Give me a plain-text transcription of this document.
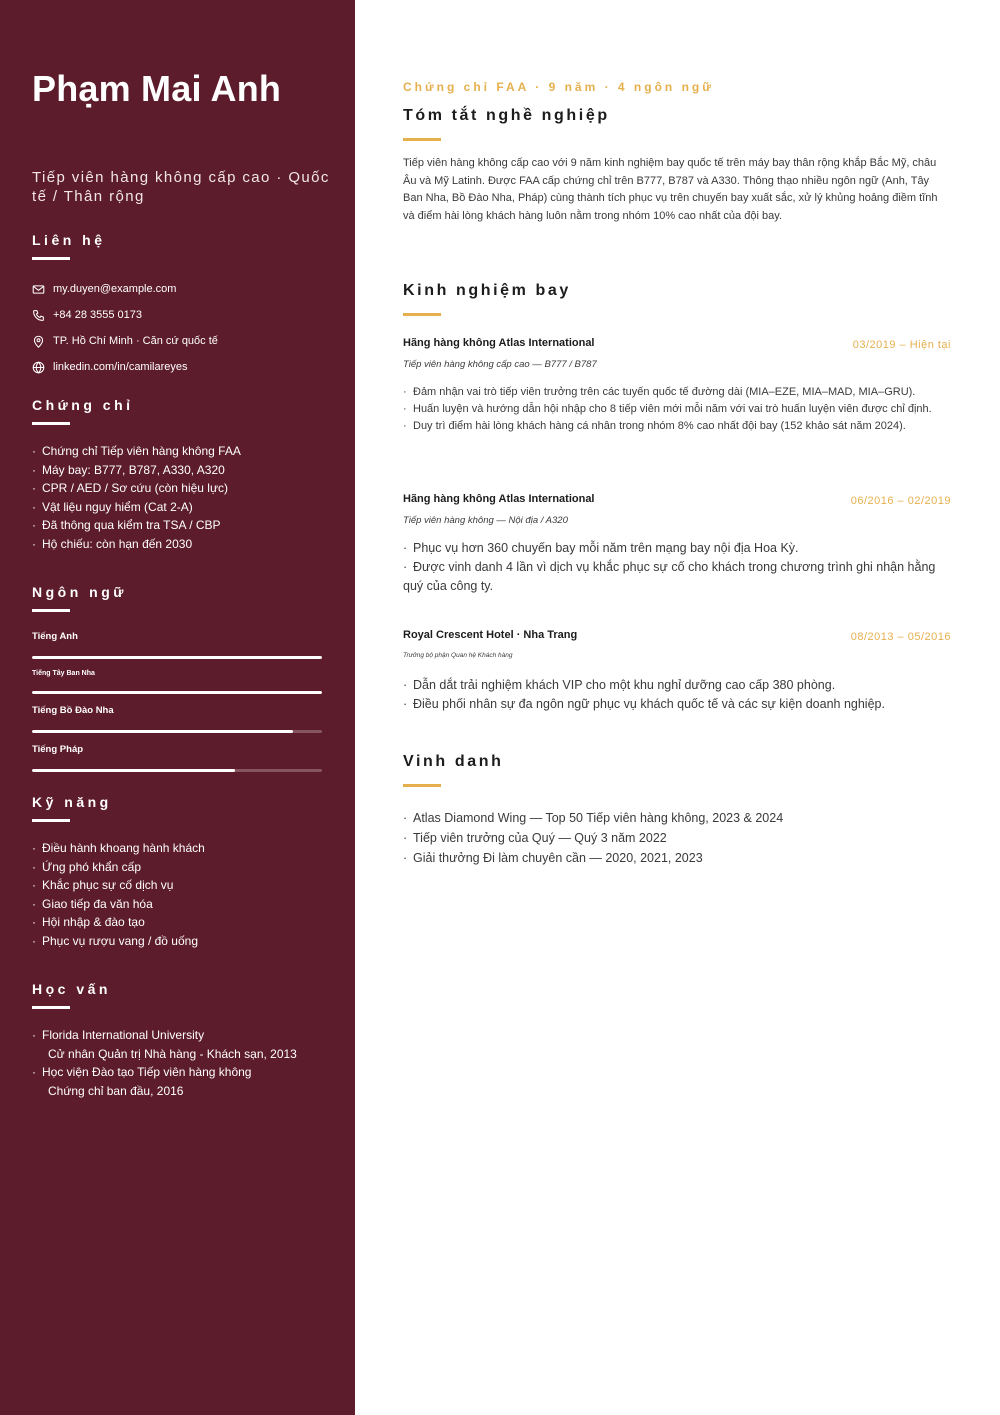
Phạm Mai Anh

Tiếp viên hàng không cấp cao · Quốc tế / Thân rộng

Liên hệ
my.duyen@example.com
+84 28 3555 0173
TP. Hồ Chí Minh · Căn cứ quốc tế
linkedin.com/in/camilareyes
Chứng chỉ
· Chứng chỉ Tiếp viên hàng không FAA
· Máy bay: B777, B787, A330, A320
· CPR / AED / Sơ cứu (còn hiệu lực)
· Vật liệu nguy hiểm (Cat 2-A)
· Đã thông qua kiểm tra TSA / CBP
· Hộ chiếu: còn hạn đến 2030
Ngôn ngữ
Tiếng Anh
Tiếng Tây Ban Nha
Tiếng Bồ Đào Nha
Tiếng Pháp
Kỹ năng
· Điều hành khoang hành khách
· Ứng phó khẩn cấp
· Khắc phục sự cố dịch vụ
· Giao tiếp đa văn hóa
· Hội nhập & đào tạo
· Phục vụ rượu vang / đồ uống
Học vấn
· Florida International University
Cử nhân Quản trị Nhà hàng - Khách sạn, 2013
· Học viện Đào tạo Tiếp viên hàng không
Chứng chỉ ban đầu, 2016

Chứng chỉ FAA · 9 năm · 4 ngôn ngữ

Tóm tắt nghề nghiệp

Tiếp viên hàng không cấp cao với 9 năm kinh nghiệm bay quốc tế trên máy bay thân rộng khắp Bắc Mỹ, châu Âu và Mỹ Latinh. Được FAA cấp chứng chỉ trên B777, B787 và A330. Thông thạo nhiều ngôn ngữ (Anh, Tây Ban Nha, Bồ Đào Nha, Pháp) cùng thành tích phục vụ trên chuyến bay xuất sắc, xử lý khủng hoảng điềm tĩnh và điểm hài lòng khách hàng luôn nằm trong nhóm 10% cao nhất của đội bay.

Kinh nghiệm bay

Hãng hàng không Atlas International	03/2019 – Hiện tại

Tiếp viên hàng không cấp cao — B777 / B787

· Đảm nhận vai trò tiếp viên trưởng trên các tuyến quốc tế đường dài (MIA–EZE, MIA–MAD, MIA–GRU).
· Huấn luyện và hướng dẫn hội nhập cho 8 tiếp viên mới mỗi năm với vai trò huấn luyện viên được chỉ định.
· Duy trì điểm hài lòng khách hàng cá nhân trong nhóm 8% cao nhất đội bay (152 khảo sát năm 2024).

Hãng hàng không Atlas International	06/2016 – 02/2019

Tiếp viên hàng không — Nội địa / A320

· Phục vụ hơn 360 chuyến bay mỗi năm trên mạng bay nội địa Hoa Kỳ.
· Được vinh danh 4 lần vì dịch vụ khắc phục sự cố cho khách trong chương trình ghi nhận hằng quý của công ty.

Royal Crescent Hotel · Nha Trang	08/2013 – 05/2016

Trưởng bộ phận Quan hệ Khách hàng

· Dẫn dắt trải nghiệm khách VIP cho một khu nghỉ dưỡng cao cấp 380 phòng.
· Điều phối nhân sự đa ngôn ngữ phục vụ khách quốc tế và các sự kiện doanh nghiệp.
Vinh danh
· Atlas Diamond Wing — Top 50 Tiếp viên hàng không, 2023 & 2024
· Tiếp viên trưởng của Quý — Quý 3 năm 2022
· Giải thưởng Đi làm chuyên cần — 2020, 2021, 2023
